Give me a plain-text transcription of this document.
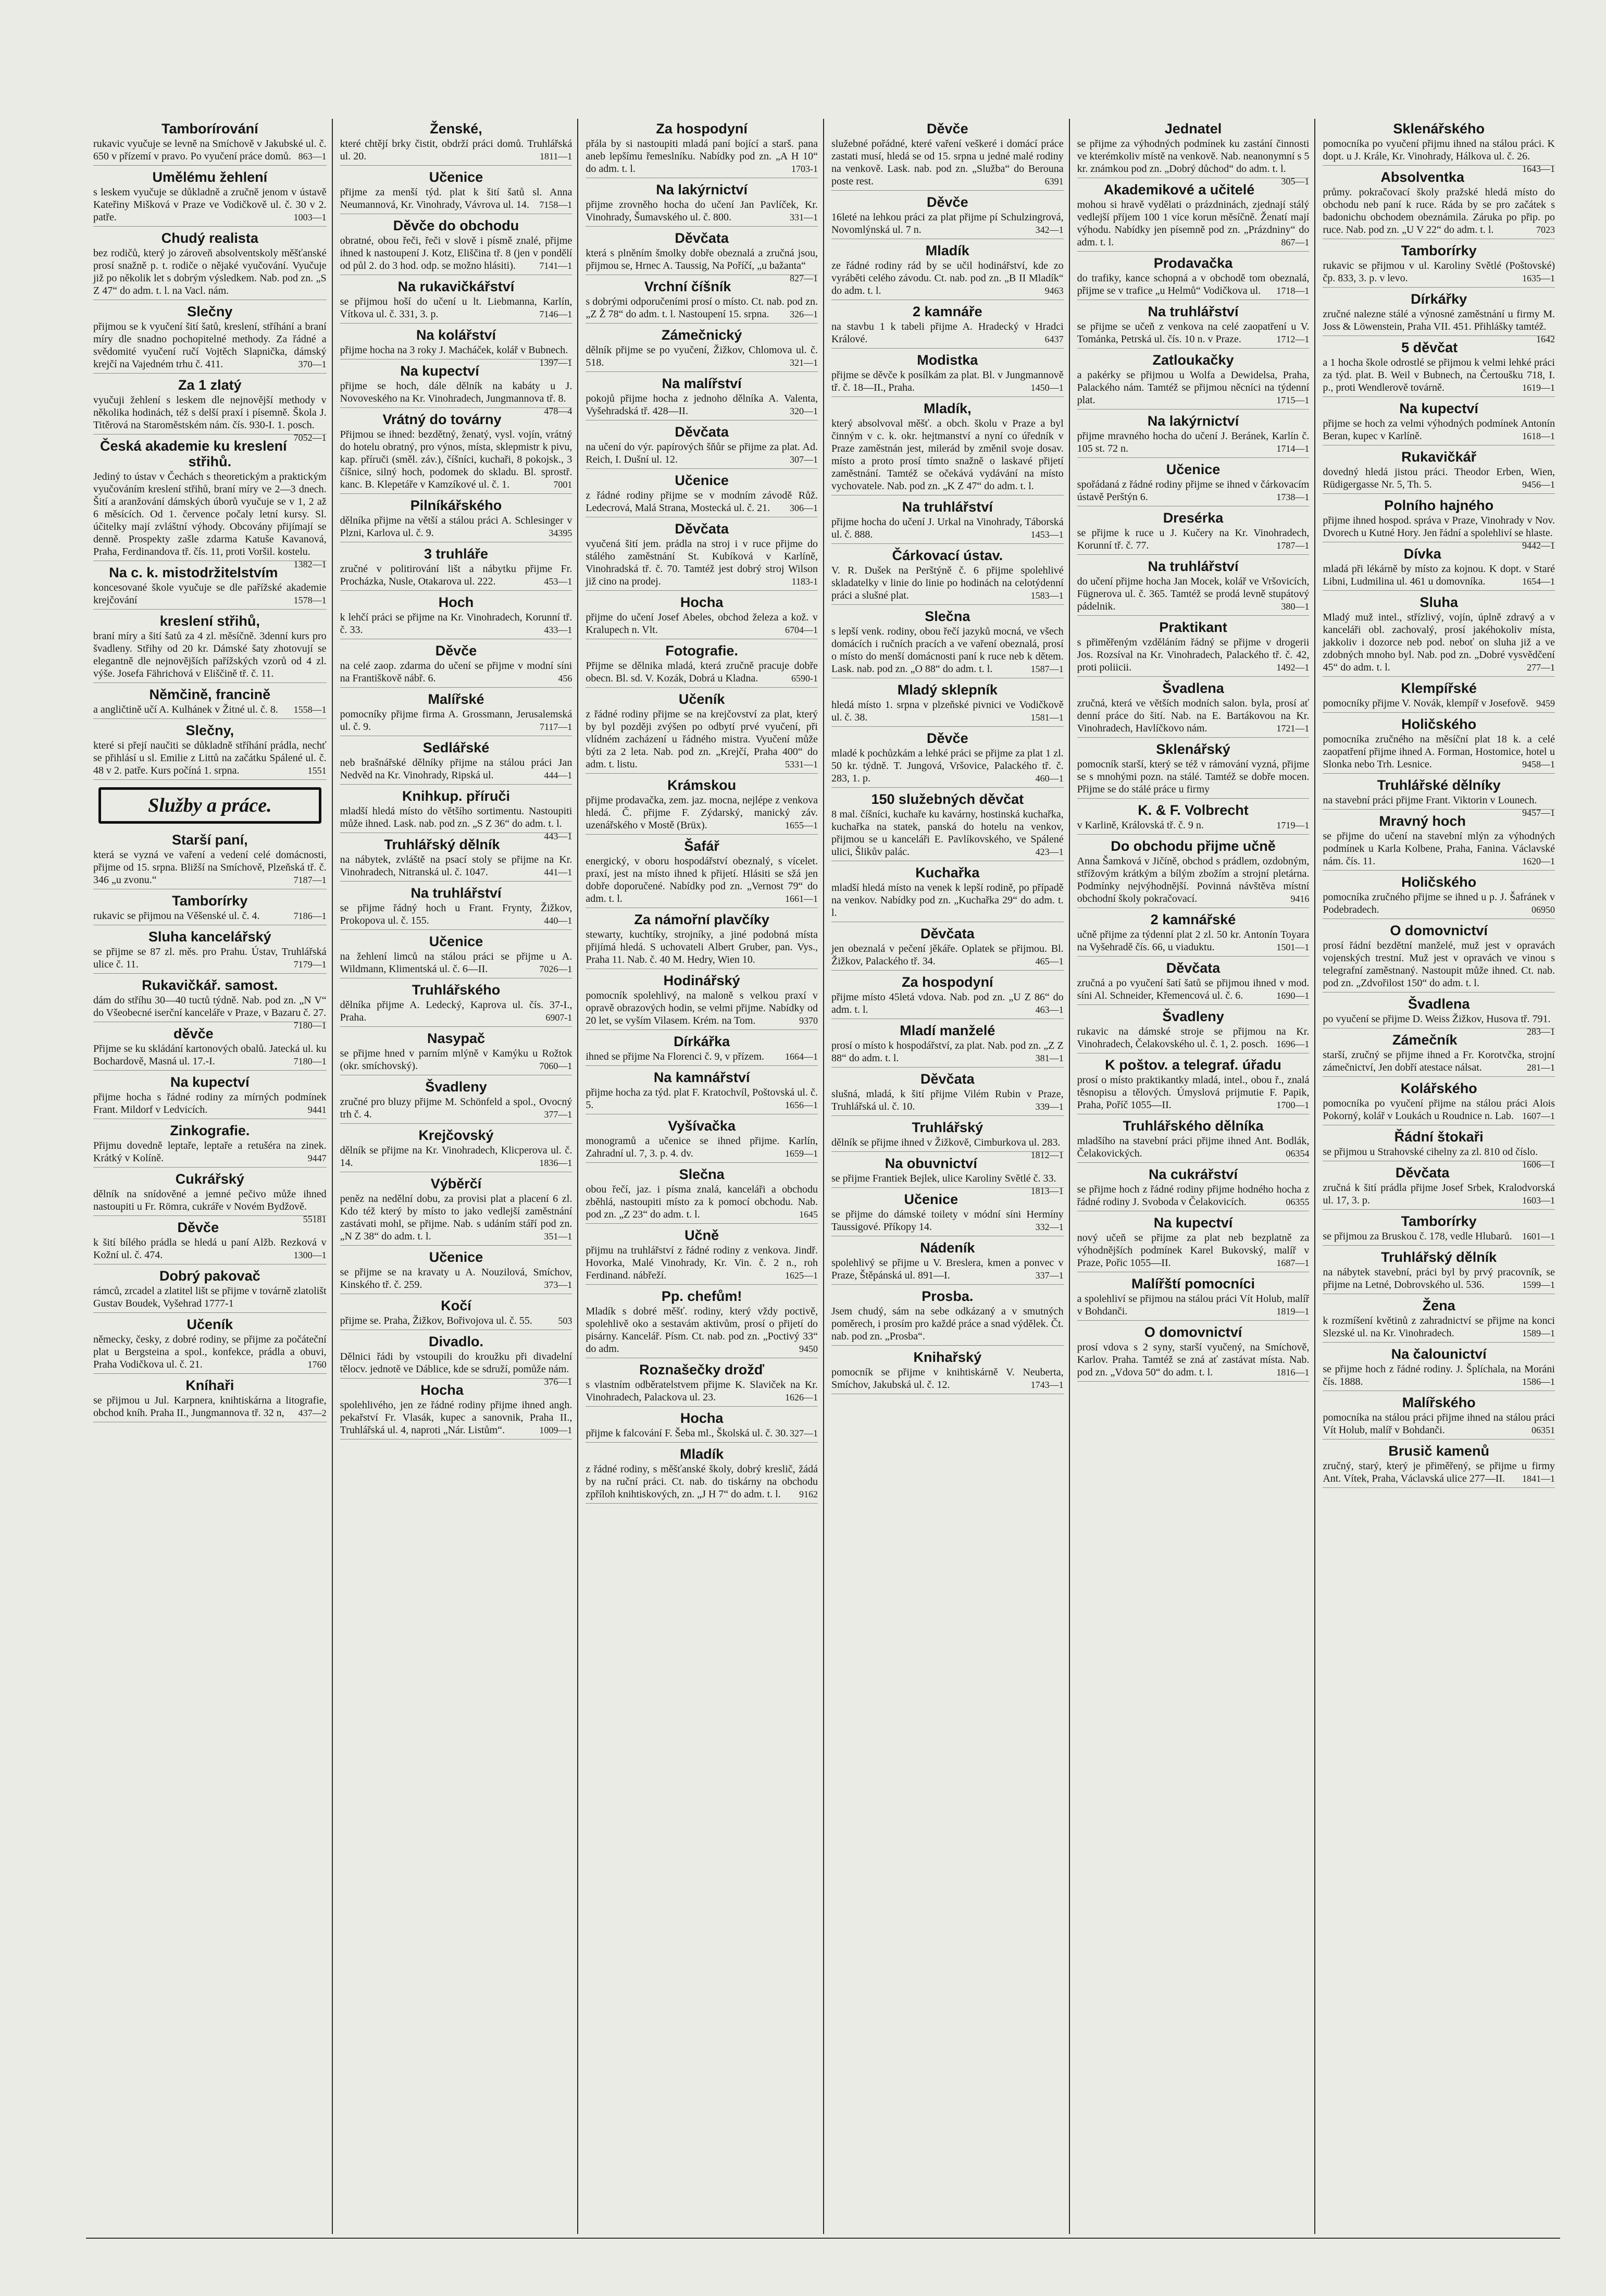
Tamborírování

rukavic vyučuje se levně na Smíchově v Jakubské ul. č. 650 v přízemí v pravo. Po vyučení práce domů. 863—1

Umělému žehlení

s leskem vyučuje se důkladně a zručně jenom v ústavě Kateřiny Mišková v Praze ve Vodičkově ul. č. 30 v 2. patře.	1003—1

Chudý realista

bez rodičů, který jo zároveň absolventskoly měšťanské prosí snažně p. t. rodiče o nějaké vyučování. Vyučuje již po několik let s dobrým výsledkem. Nab. pod zn. „S Z 47“ do adm. t. l. na Vacl. nám.

Slečny

přijmou se k vyučení šití šatů, kreslení, stříhání a braní míry dle snadno pochopitelné methody. Za řádné a svědomité vyučení ručí Vojtěch Slapnička, dámský krejčí na Vajedném trhu č. 411.	370—1

Za 1 zlatý

vyučuji žehlení s leskem dle nejnovější methody v několika hodinách, též s delší praxí i písemně. Škola J. Titěrová na Staroměstském nám. čís. 930-I. 1. posch.
7052—1

Česká akademie ku kreslení střihů.

Jediný to ústav v Čechách s theoretickým a praktickým vyučováním kreslení střihů, braní míry ve 2—3 dnech. Šití a aranžování dámských úborů vyučuje se v 1, 2 až 6 měsících. Od 1. července počaly letní kursy. Sl. účitelky mají zvláštní výhody. Obcovány přijímají se denně. Prospekty zašle zdarma Katuše Kavanová, Praha, Ferdinandova tř. čís. 11, proti Voršil. kostelu.
1382—1

Na c. k. mistodržitelstvím

koncesované škole vyučuje se dle pařížské akademie krejčování	1578—1

kreslení střihů,

braní míry a šití šatů za 4 zl. měsíčně. 3denní kurs pro švadleny. Střihy od 20 kr. Dámské šaty zhotovují se elegantně dle nejnovějších pařížských vzorů od 4 zl. výše. Josefa Fährichová v Eliščině tř. č. 11.

Němčině, francině

a angličtině učí A. Kulhánek v Žitné ul. č. 8. 1558—1

Slečny,

které si přejí naučiti se důkladně stříhání prádla, nechť se přihlásí u sl. Emilie z Littů na začátku Spálené ul. č. 48 v 2. patře. Kurs počíná 1. srpna.	1551

Služby a práce.
Starší paní,

která se vyzná ve vaření a vedení celé domácnosti, přijme od 15. srpna. Bližší na Smíchově, Plzeňská tř. č. 346 „u zvonu.“	7187—1

Tamborírky

rukavic se přijmou na Věšenské ul. č. 4.	7186—1

Sluha kancelářský

se přijme se 87 zl. měs. pro Prahu. Ústav, Truhlářská ulice č. 11.	7179—1

Rukavičkář. samost.

dám do stříhu 30—40 tuctů týdně. Nab. pod zn. „N V“ do Všeobecné iserční kanceláře v Praze, v Bazaru č. 27.
7180—1

děvče

Přijme se ku skládání kartonových obalů. Jatecká ul. ku Bochardově, Masná ul. 17.-I.	7180—1

Na kupectví

přijme hocha s řádné rodiny za mírných podmínek Frant. Mildorf v Ledvicích.	9441

Zinkografie.

Přijmu dovedně leptaře, leptaře a retušéra na zinek. Krátký v Kolíně.	9447

Cukrářský

dělník na snídověné a jemné pečivo může ihned nastoupiti u Fr. Römra, cukráře v Novém Bydžově.
55181

Děvče

k šití bílého prádla se hledá u paní Alžb. Rezková v Kožní ul. č. 474.	1300—1

Dobrý pakovač

rámců, zrcadel a zlatitel lišt se přijme v továrně zlatolišt Gustav Boudek, Vyšehrad 1777-1

Učeník

německy, česky, z dobré rodiny, se přijme za počáteční plat u Bergsteina a spol., konfekce, prádla a obuvi, Praha Vodičkova ul. č. 21.	1760

Kníhaři

se přijmou u Jul. Karpnera, knihtiskárna a litografie, obchod kníh. Praha II., Jungmannova tř. 32 n, 437—2

Ženské,

které chtějí brky čistit, obdrží práci domů. Truhlářská ul. 20.	1811—1

Učenice

přijme za menší týd. plat k šití šatů sl. Anna Neumannová, Kr. Vinohrady, Vávrova ul. 14. 7158—1

Děvče do obchodu

obratné, obou řeči, řeči v slově i písmě znalé, přijme ihned k nastoupení J. Kotz, Eliščina tř. 8 (jen v pondělí od půl 2. do 3 hod. odp. se možno hlásiti).	7141—1

Na rukavičkářství

se přijmou hoší do učení u lt. Liebmanna, Karlín, Vítkova ul. č. 331, 3. p.	7146—1

Na kolářství

přijme hocha na 3 roky J. Macháček, kolář v Bubnech.
1397—1

Na kupectví

přijme se hoch, dále dělník na kabáty u J. Novoveského na Kr. Vinohradech, Jungmannova tř. 8.
478—4

Vrátný do továrny

Přijmou se ihned: bezdětný, ženatý, vysl. vojín, vrátný do hotelu obratný, pro výnos, místa, sklepmistr k pivu, kap. příruči (směl. záv.), číšníci, kuchaři, 8 pokojsk., 3 číšnice, silný hoch, podomek do skladu. Bl. sprostř. kanc. B. Klepetáře v Kamzíkové ul. č. 1.	7001

Pilníkářského

dělníka přijme na větší a stálou práci A. Schlesinger v Plzni, Karlova ul. č. 9.	34395

3 truhláře

zručné v politirování lišt a nábytku přijme Fr. Procházka, Nusle, Otakarova ul. 222.	453—1

Hoch

k lehčí práci se přijme na Kr. Vinohradech, Korunní tř. č. 33.	433—1

Děvče

na celé zaop. zdarma do učení se přijme v modní síni na Františkově nábř. 6.	456

Malířské

pomocníky přijme firma A. Grossmann, Jerusalemská ul. č. 9.	7117—1

Sedlářské

neb brašnářské dělníky přijme na stálou práci Jan Nedvěd na Kr. Vinohrady, Ripská ul.	444—1

Knihkup. příruči

mladší hledá místo do většího sortimentu. Nastoupiti může ihned. Lask. nab. pod zn. „S Z 36“ do adm. t. l.
443—1

Truhlářský dělník

na nábytek, zvláště na psací stoly se přijme na Kr. Vinohradech, Nitranská ul. č. 1047.	441—1

Na truhlářství

se přijme řádný hoch u Frant. Frynty, Žižkov, Prokopova ul. č. 155.	440—1

Učenice

na žehlení limců na stálou práci se přijme u A. Wildmann, Klimentská ul. č. 6—II.	7026—1

Truhlářského

dělníka přijme A. Ledecký, Kaprova ul. čís. 37-I., Praha.	6907-1

Nasypač

se přijme hned v parním mlýně v Kamýku u Rožtok (okr. smíchovský).	7060—1

Švadleny

zručné pro bluzy přijme M. Schönfeld a spol., Ovocný trh č. 4.	377—1

Krejčovský

dělník se přijme na Kr. Vinohradech, Klicperova ul. č. 14.	1836—1

Výběrčí

peněz na nedělní dobu, za provisi plat a placení 6 zl. Kdo též který by místo to jako vedlejší zaměstnání zastávati mohl, se přijme. Nab. s udáním stáří pod zn. „N Z 38“ do adm. t. l.	351—1

Učenice

se přijme se na kravaty u A. Nouzilová, Smíchov, Kinského tř. č. 259.	373—1

Kočí

přijme se. Praha, Žižkov, Bořivojova ul. č. 55.	503

Divadlo.

Dělnici řádi by vstoupili do kroužku při divadelní tělocv. jednotě ve Dáblice, kde se sdruží, pomůže nám.
376—1

Hocha

spolehlivého, jen ze řádné rodiny přijme ihned angh. pekařství Fr. Vlasák, kupec a sanovnik, Praha II., Truhlářská ul. 4, naproti „Nár. Listům“.	1009—1

Za hospodyní

přála by si nastoupiti mladá paní bojící a starš. pana aneb lepšímu řemeslníku. Nabídky pod zn. „A H 10“ do adm. t. l.	1703-1

Na lakýrnictví

přijme zrovněho hocha do učení Jan Pavlíček, Kr. Vinohrady, Šumavského ul. č. 800.	331—1

Děvčata

která s plněním šmolky dobře obeznalá a zručná jsou, přijmou se, Hrnec A. Taussig, Na Poříčí, „u bažanta“
827—1

Vrchní číšník

s dobrými odporučeními prosí o místo. Ct. nab. pod zn. „Z Ž 78“ do adm. t. l. Nastoupení 15. srpna. 326—1

Zámečnický

dělník přijme se po vyučení, Žižkov, Chlomova ul. č. 518.	321—1

Na malířství

pokojů přijme hocha z jednoho dělníka A. Valenta, Vyšehradská tř. 428—II.	320—1

Děvčata

na učení do výr. papírových šňůr se přijme za plat. Ad. Reich, I. Dušní ul. 12.	307—1

Učenice

z řádné rodiny přijme se v modním závodě Růž. Ledecrová, Malá Strana, Mostecká ul. č. 21. 306—1

Děvčata

vyučená šití jem. prádla na stroj i v ruce přijme do stálého zaměstnání St. Kubíková v Karlíně, Vinohradská tř. č. 70. Tamtéž jest dobrý stroj Wilson již cino na prodej.	1183-1

Hocha

přijme do učení Josef Abeles, obchod železa a kož. v Kralupech n. Vlt.	6704—1

Fotografie.

Přijme se dělnika mladá, která zručně pracuje dobře obecn. Bl. sd. V. Kozák, Dobrá u Kladna.	6590-1

Učeník

z řádné rodiny přijme se na krejčovství za plat, který by byl později zvýšen po odbytí prvé vyučení, při vlídném zacházení u řádného mistra. Vyučení může býti za 2 leta. Nab. pod zn. „Krejčí, Praha 400“ do adm. t. listu.	5331—1

Krámskou

přijme prodavačka, zem. jaz. mocna, nejlépe z venkova hledá. Č. přijme F. Zýdarský, manický záv. uzenářského v Mostě (Brüx).	1655—1

Šafář

energický, v oboru hospodářství obeznalý, s vícelet. praxí, jest na místo ihned k přijetí. Hlásiti se sžá jen dobře doporučené. Nabídky pod zn. „Vernost 79“ do adm. t. l.	1661—1

Za námořní plavčíky

stewarty, kuchtíky, strojníky, a jiné podobná místa přijímá hledá. S uchovateli Albert Gruber, pan. Vys., Praha 11. Nab. č. 40 M. Hedry, Wien 10.

Hodinářský

pomocník spolehlivý, na maloně s velkou praxí v opravě obrazových hodin, se velmi přijme. Nabídky od 20 let, se vyším Vilasem. Krém. na Tom.	9370

Dírkářka

ihned se přijme Na Florenci č. 9, v přízem. 1664—1

Na kamnářství

přijme hocha za týd. plat F. Kratochvíl, Poštovská ul. č. 5.	1656—1

Vyšívačka

monogramů a učenice se ihned přijme. Karlín, Zahradní ul. 7, 3. p. 4. dv.	1659—1

Slečna

obou řečí, jaz. i písma znalá, kanceláři a obchodu zběhlá, nastoupiti místo za k pomocí obchodu. Nab. pod zn. „Z 23“ do adm. t. l.	1645

Učně

přijmu na truhlářství z řádné rodiny z venkova. Jindř. Hovorka, Malé Vinohrady, Kr. Vin. č. 2 n., roh Ferdinand. nábřeží.	1625—1

Pp. chefům!

Mladík s dobré měšť. rodiny, který vždy poctivě, spolehlivě oko a sestavám aktivům, prosí o přijetí do pisárny. Kancelář. Písm. Ct. nab. pod zn. „Poctivý 33“ do adm.	9450

Roznašečky drožď

s vlastním odběratelstvem přijme K. Slaviček na Kr. Vinohradech, Palackova ul. 23.	1626—1

Hocha

přijme k falcování F. Šeba ml., Školská ul. č. 30. 327—1

Mladík

z řádné rodiny, s měšťanské školy, dobrý kreslič, žádá by na ruční práci. Ct. nab. do tiskárny na obchodu zpříloh knihtiskových, zn. „J H 7“ do adm. t. l. 9162

Děvče

služebné pořádné, které vaření veškeré i domácí práce zastati musí, hledá se od 15. srpna u jedné malé rodiny na venkově. Lask. nab. pod zn. „Služba“ do Berouna poste rest.	6391

Děvče

16leté na lehkou práci za plat přijme pí Schulzingrová, Novomlýnská ul. 7 n.	342—1

Mladík

ze řádné rodiny rád by se učil hodinářství, kde zo vyráběti celého závodu. Ct. nab. pod zn. „B II Mladík“ do adm. t. l.	9463

2 kamnáře

na stavbu 1 k tabeli přijme A. Hradecký v Hradci Králové.	6437

Modistka

přijme se děvče k posílkám za plat. Bl. v Jungmannově tř. č. 18—II., Praha.	1450—1

Mladík,

který absolvoval měšť. a obch. školu v Praze a byl činným v c. k. okr. hejtmanství a nyní co úředník v Praze zaměstnán jest, milerád by změnil svoje dosav. místo a proto prosí tímto snažně o laskavé přijetí zaměstnání. Tamtéž se očekává vydávání na místo vychovatele. Nab. pod zn. „K Z 47“ do adm. t. l.

Na truhlářství

přijme hocha do učení J. Urkal na Vinohrady, Táborská ul. č. 888.	1453—1

Čárkovací ústav.

V. R. Dušek na Perštýně č. 6 přijme spolehlivé skladatelky v linie do linie po hodinách na celotýdenní práci a slušné plat.	1583—1

Slečna

s lepší venk. rodiny, obou řečí jazyků mocná, ve všech domácích i ručních pracích a ve vaření obeznalá, prosí o místo do menší domácnosti paní k ruce neb k dětem. Lask. nab. pod zn. „O 88“ do adm. t. l.	1587—1

Mladý sklepník

hledá místo 1. srpna v plzeňské pivnici ve Vodičkově ul. č. 38.	1581—1

Děvče

mladé k pochůzkám a lehké práci se přijme za plat 1 zl. 50 kr. týdně. T. Jungová, Vršovice, Palackého tř. č. 283, 1. p.	460—1

150 služebných děvčat

8 mal. číšníci, kuchaře ku kavárny, hostinská kuchařka, kuchařka na statek, panská do hotelu na venkov, přijmou se u kanceláři E. Pavlíkovského, ve Spálené ulici, Šlikův palác.	423—1

Kuchařka

mladší hledá místo na venek k lepší rodině, po případě na venkov. Nabídky pod zn. „Kuchařka 29“ do adm. t. l.

Děvčata

jen obeznalá v pečení jěkáře. Oplatek se přijmou. Bl. Žižkov, Palackého tř. 34.	465—1

Za hospodyní

přijme místo 45letá vdova. Nab. pod zn. „U Z 86“ do adm. t. l.	463—1

Mladí manželé

prosí o místo k hospodářství, za plat. Nab. pod zn. „Z Z 88“ do adm. t. l.	381—1

Děvčata

slušná, mladá, k šití přijme Vilém Rubin v Praze, Truhlářská ul. č. 10.	339—1

Truhlářský

dělník se přijme ihned v Žižkově, Cimburkova ul. 283.
1812—1

Na obuvnictví

se přijme Frantiek Bejlek, ulice Karoliny Světlé č. 33.
1813—1

Učenice

se přijme do dámské toilety v módní síni Hermíny Taussigové. Příkopy 14.	332—1

Nádeník

spolehlivý se přijme u V. Breslera, kmen a ponvec v Praze, Štěpánská ul. 891—I.	337—1

Prosba.

Jsem chudý, sám na sebe odkázaný a v smutných poměrech, i prosím pro každé práce a snad výdělek. Čt. nab. pod zn. „Prosba“.

Knihařský

pomocník se přijme v knihtiskárně V. Neubertа, Smíchov, Jakubská ul. č. 12.	1743—1

Jednatel

se přijme za výhodných podmínek ku zastání činnosti ve kterémkoliv místě na venkově. Nab. neanonymní s 5 kr. známkou pod zn. „Dobrý důchod“ do adm. t. l.
305—1

Akademikové a učitelé

mohou si hravě vydělati o prázdninách, zjednají stálý vedlejší příjem 100 1 více korun měsíčně. Ženatí mají výhodu. Nabídky jen písemně pod zn. „Prázdniny“ do adm. t. l.	867—1

Prodavačka

do trafiky, kance schopná a v obchodě tom obeznalá, přijme se v trafice „u Helmů“ Vodičkova ul. 1718—1

Na truhlářství

se přijme se učeň z venkova na celé zaopatření u V. Tománka, Petrská ul. čís. 10 n. v Praze.	1712—1

Zatloukačky

a pakérky se přijmou u Wolfa a Dewidelsa, Praha, Palackého nám. Tamtéž se přijmou něcníci na týdenní plat.	1715—1

Na lakýrnictví

přijme mravného hocha do učení J. Beránek, Karlín č. 105 st. 72 n.	1714—1

Učenice

spořádaná z řádné rodiny přijme se ihned v čárkovacím ústavě Perštýn 6.	1738—1

Dresérka

se přijme k ruce u J. Kučery na Kr. Vinohradech, Korunní tř. č. 77.	1787—1

Na truhlářství

do učení přijme hocha Jan Mocek, kolář ve Vršovicích, Fügnerova ul. č. 365. Tamtéž se prodá levně stupátový pádelnik.	380—1

Praktikant

s přiměřeným vzděláním řádný se přijme v drogerii Jos. Rozsíval na Kr. Vinohradech, Palackého tř. č. 42, proti poliicii.	1492—1

Švadlena

zručná, která ve větších modních salon. byla, prosí ať denní práce do šití. Nab. na E. Bartákovou na Kr. Vinohradech, Havlíčkovo nám.	1721—1

Sklenářský

pomocník starší, který se též v rámování vyzná, přijme se s mnohými pozn. na stálé. Tamtéž se dobře mocen. Přijme se do stálé práce u firmy

K. & F. Volbrecht

v Karlině, Královská tř. č. 9 n.	1719—1

Do obchodu přijme učně

Anna Šamková v Jičíně, obchod s prádlem, ozdobným, střížovým krátkým a bílým zbožím a strojní pletárna. Podmínky nejvýhodnější. Povinná návštěva místní obchodní školy pokračovací.	9416

2 kamnářské

učně přijme za týdenní plat 2 zl. 50 kr. Antonín Toyara na Vyšehradě čís. 66, u viaduktu.	1501—1

Děvčata

zručná a po vyučení šatí šatů se přijmou ihned v mod. síni Al. Schneider, Křemencová ul. č. 6.	1690—1

Švadleny

rukavic na dámské stroje se přijmou na Kr. Vinohradech, Čelakovského ul. č. 1, 2. posch. 1696—1

K poštov. a telegraf. úřadu

prosí o místo praktikantky mladá, intel., obou ř., znalá těsnopisu a tělových. Úmyslová prijmutie F. Papik, Praha, Poříč 1055—II.	1700—1

Truhlářského dělníka

mladšího na stavební práci přijme ihned Ant. Bodlák, Čelakovických.	06354

Na cukrářství

se přijme hoch z řádné rodiny přijme hodného hocha z řádné rodiny J. Svoboda v Čelakovicích.	06355

Na kupectví

nový učeň se přijme za plat neb bezplatně za výhodnějších podmínek Karel Bukovský, malíř v Praze, Pořic 1055—II.	1687—1

Malířští pomocníci

a spolehliví se přijmou na stálou práci Vít Holub, malíř v Bohdanči.	1819—1

O domovnictví

prosí vdova s 2 syny, starší vyučený, na Smíchově, Karlov. Praha. Tamtéž se zná ať zastávat místa. Nab. pod zn. „Vdova 50“ do adm. t. l.	1816—1

Sklenářského

pomocníka po vyučení přijmu ihned na stálou práci. K dopt. u J. Krále, Kr. Vinohrady, Hálkova ul. č. 26.
1643—1

Absolventka

průmy. pokračovací školy pražské hledá místo do obchodu neb paní k ruce. Ráda by se pro začátek s badonichu obchodem obeznámila. Záruka po přip. po ruce. Nab. pod zn. „U V 22“ do adm. t. l.	7023

Tamborírky

rukavic se přijmou v ul. Karoliny Světlé (Poštovské) čp. 833, 3. p. v levo.	1635—1

Dírkářky

zručné nalezne stálé a výnosné zaměstnání u firmy M. Joss & Löwenstein, Praha VII. 451. Přihlášky tamtéž.
1642

5 děvčat

a 1 hocha škole odrostlé se přijmou k velmi lehké práci za týd. plat. B. Weil v Bubnech, na Čertoušku 718, I. p., proti Wendlerově továrně.	1619—1

Na kupectví

přijme se hoch za velmi výhodných podmínek Antonín Beran, kupec v Karlíně.	1618—1

Rukavičkář

dovedný hledá jistou práci. Theodor Erben, Wien, Rüdigergasse Nr. 5, Th. 5.	9456—1

Polního hajného

přijme ihned hospod. správa v Praze, Vinohrady v Nov. Dvorech u Kutné Hory. Jen řádní a spolehliví se hlaste.
9442—1

Dívka

mladá při lékárně by místo za kojnou. K dopt. v Staré Libni, Ludmilina ul. 461 u domovníka.	1654—1

Sluha

Mladý muž intel., střízlivý, vojín, úplně zdravý a v kanceláři obl. zachovalý, prosí jakéhokoliv místa, jakkoliv i dozorce neb pod. neboť on sluha již a ve zdobných mnoho byl. Nab. pod zn. „Dobré vysvědčení 45“ do adm. t. l.	277—1

Klempířské

pomocníky přijme V. Novák, klempíř v Josefově. 9459

Holičského

pomocníka zručného na měsíční plat 18 k. a celé zaopatření přijme ihned A. Forman, Hostomice, hotel u Slonka nebo Trh. Lesnice.	9458—1

Truhlářské dělníky

na stavební práci přijme Frant. Viktorin v Lounech.
9457—1

Mravný hoch

se přijme do učení na stavební mlýn za výhodných podmínek u Karla Kolbene, Praha, Fanina. Václavské nám. čís. 11.	1620—1

Holičského

pomocníka zručného přijme se ihned u p. J. Šafránek v Podebradech.	06950

O domovnictví

prosí řádní bezdětní manželé, muž jest v opravách vojenských trestní. Muž jest v opravách ve vinou s telegrafní zaměstnaný. Nastoupit může ihned. Ct. nab. pod zn. „Zdvořilost 150“ do adm. t. l.

Švadlena

po vyučení se přijme D. Weiss Žižkov, Husova tř. 791.
283—1

Zámečník

starší, zručný se přijme ihned a Fr. Korotvčka, strojní zámečnictví, Jen dobří atestace nálsat.	281—1

Kolářského

pomocníka po vyučení přijme na stálou práci Alois Pokorný, kolář v Loukách u Roudnice n. Lab. 1607—1

Řádní štokaři

se přijmou u Strahovské cihelny za zl. 810 od číslo.
1606—1

Děvčata

zručná k šití prádla přijme Josef Srbek, Kralodvorská ul. 17, 3. p.	1603—1

Tamborírky

se přijmou za Bruskou č. 178, vedle Hlubarů. 1601—1

Truhlářský dělník

na nábytek stavební, práci byl by prvý pracovník, se přijme na Letné, Dobrovského ul. 536.	1599—1

Žena

k rozmíšení květinů z zahradnictví se přijme na konci Slezské ul. na Kr. Vinohradech.	1589—1

Na čalounictví

se přijme hoch z řádné rodiny. J. Šplíchala, na Moráni čís. 1888.	1586—1

Malířského

pomocníka na stálou práci přijme ihned na stálou práci Vít Holub, malíř v Bohdanči.	06351

Brusič kamenů

zručný, starý, který je přiměřený, se přijme u firmy Ant. Vítek, Praha, Václavská ulice 277—II. 1841—1
